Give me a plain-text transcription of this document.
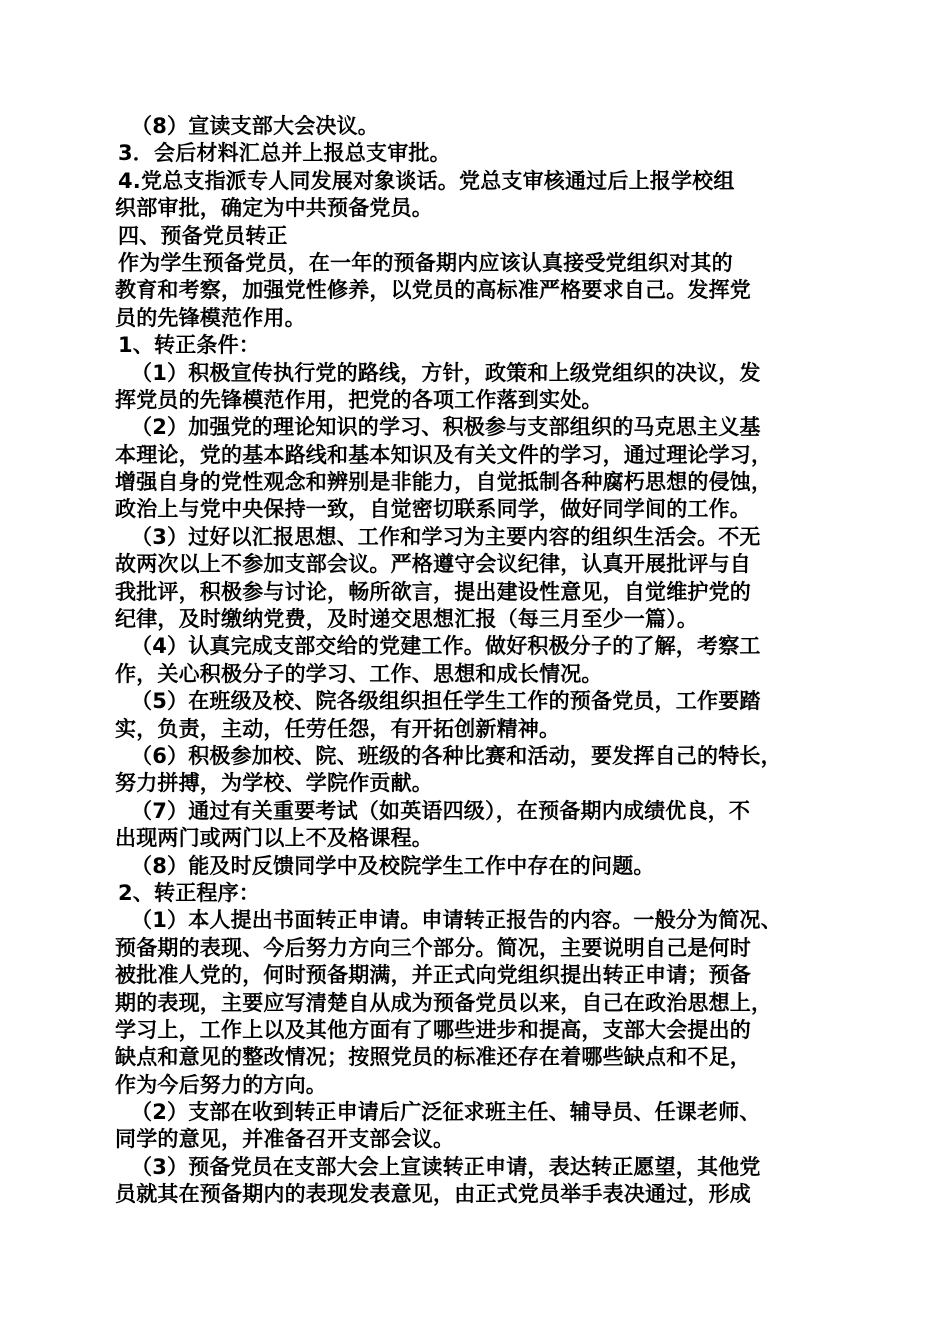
（8）宣读支部大会决议。
3．会后材料汇总并上报总支审批。
4.党总支指派专人同发展对象谈话。党总支审核通过后上报学校组
织部审批，确定为中共预备党员。
四、预备党员转正
作为学生预备党员，在一年的预备期内应该认真接受党组织对其的
教育和考察，加强党性修养，以党员的高标准严格要求自己。发挥党
员的先锋模范作用。
1、转正条件：
（1）积极宣传执行党的路线，方针，政策和上级党组织的决议，发
挥党员的先锋模范作用，把党的各项工作落到实处。
（2）加强党的理论知识的学习、积极参与支部组织的马克思主义基
本理论，党的基本路线和基本知识及有关文件的学习，通过理论学习，
增强自身的党性观念和辨别是非能力，自觉抵制各种腐朽思想的侵蚀，
政治上与党中央保持一致，自觉密切联系同学，做好同学间的工作。
（3）过好以汇报思想、工作和学习为主要内容的组织生活会。不无
故两次以上不参加支部会议。严格遵守会议纪律，认真开展批评与自
我批评，积极参与讨论，畅所欲言，提出建设性意见，自觉维护党的
纪律，及时缴纳党费，及时递交思想汇报（每三月至少一篇）。
（4）认真完成支部交给的党建工作。做好积极分子的了解，考察工
作，关心积极分子的学习、工作、思想和成长情况。
（5）在班级及校、院各级组织担任学生工作的预备党员，工作要踏
实，负责，主动，任劳任怨，有开拓创新精神。
（6）积极参加校、院、班级的各种比赛和活动，要发挥自己的特长，
努力拼搏，为学校、学院作贡献。
（7）通过有关重要考试（如英语四级），在预备期内成绩优良，不
出现两门或两门以上不及格课程。
（8）能及时反馈同学中及校院学生工作中存在的问题。
2、转正程序：
（1）本人提出书面转正申请。申请转正报告的内容。一般分为简况、
预备期的表现、今后努力方向三个部分。简况，主要说明自己是何时
被批准人党的，何时预备期满，并正式向党组织提出转正申请；预备
期的表现，主要应写清楚自从成为预备党员以来，自己在政治思想上，
学习上，工作上以及其他方面有了哪些进步和提高，支部大会提出的
缺点和意见的整改情况；按照党员的标准还存在着哪些缺点和不足，
作为今后努力的方向。
（2）支部在收到转正申请后广泛征求班主任、辅导员、任课老师、
同学的意见，并准备召开支部会议。
（3）预备党员在支部大会上宣读转正申请，表达转正愿望，其他党
员就其在预备期内的表现发表意见，由正式党员举手表决通过，形成
